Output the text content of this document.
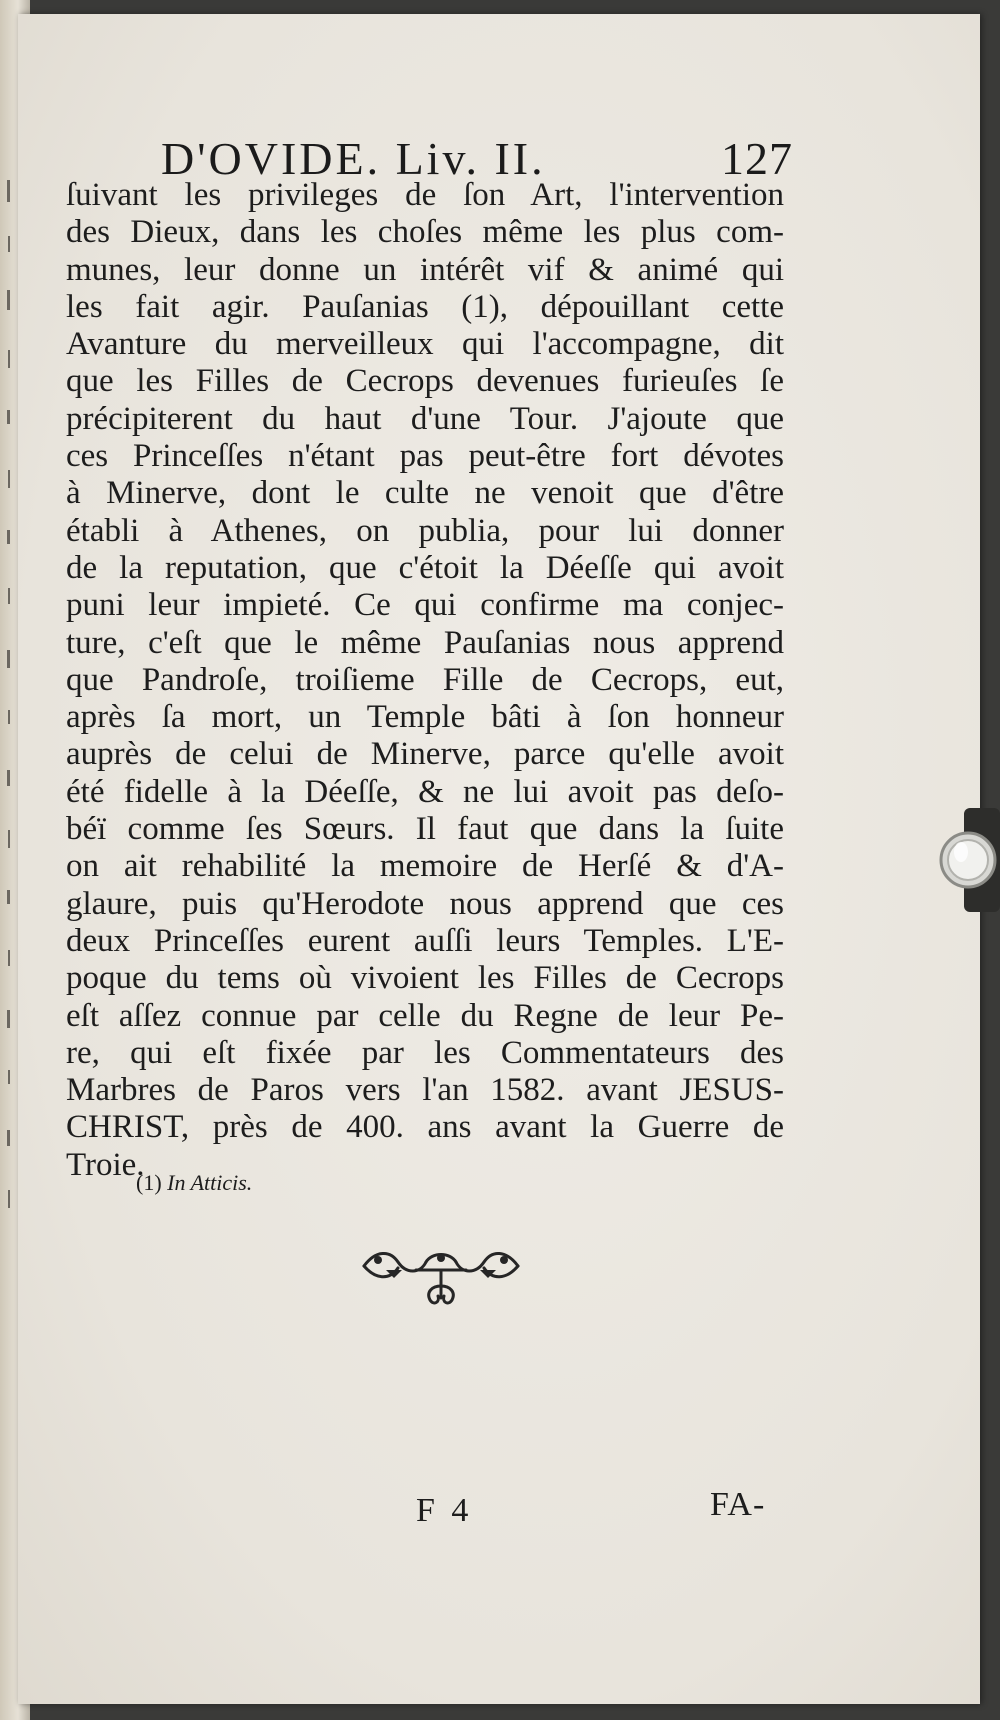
D'OVIDE. Liv. II.	127
ſuivant les privileges de ſon Art, l'intervention
des Dieux, dans les choſes même les plus com-
munes, leur donne un intérêt vif & animé qui
les fait agir. Pauſanias (1), dépouillant cette
Avanture du merveilleux qui l'accompagne, dit
que les Filles de Cecrops devenues furieuſes ſe
précipiterent du haut d'une Tour. J'ajoute que
ces Princeſſes n'étant pas peut-être fort dévotes
à Minerve, dont le culte ne venoit que d'être
établi à Athenes, on publia, pour lui donner
de la reputation, que c'étoit la Déeſſe qui avoit
puni leur impieté. Ce qui confirme ma conjec-
ture, c'eſt que le même Pauſanias nous apprend
que Pandroſe, troiſieme Fille de Cecrops, eut,
après ſa mort, un Temple bâti à ſon honneur
auprès de celui de Minerve, parce qu'elle avoit
été fidelle à la Déeſſe, & ne lui avoit pas deſo-
béï comme ſes Sœurs. Il faut que dans la ſuite
on ait rehabilité la memoire de Herſé & d'A-
glaure, puis qu'Herodote nous apprend que ces
deux Princeſſes eurent auſſi leurs Temples. L'E-
poque du tems où vivoient les Filles de Cecrops
eſt aſſez connue par celle du Regne de leur Pe-
re, qui eſt fixée par les Commentateurs des
Marbres de Paros vers l'an 1582. avant JESUS-
CHRIST, près de 400. ans avant la Guerre de
Troie.
(1) In Atticis.
F 4	FA-
